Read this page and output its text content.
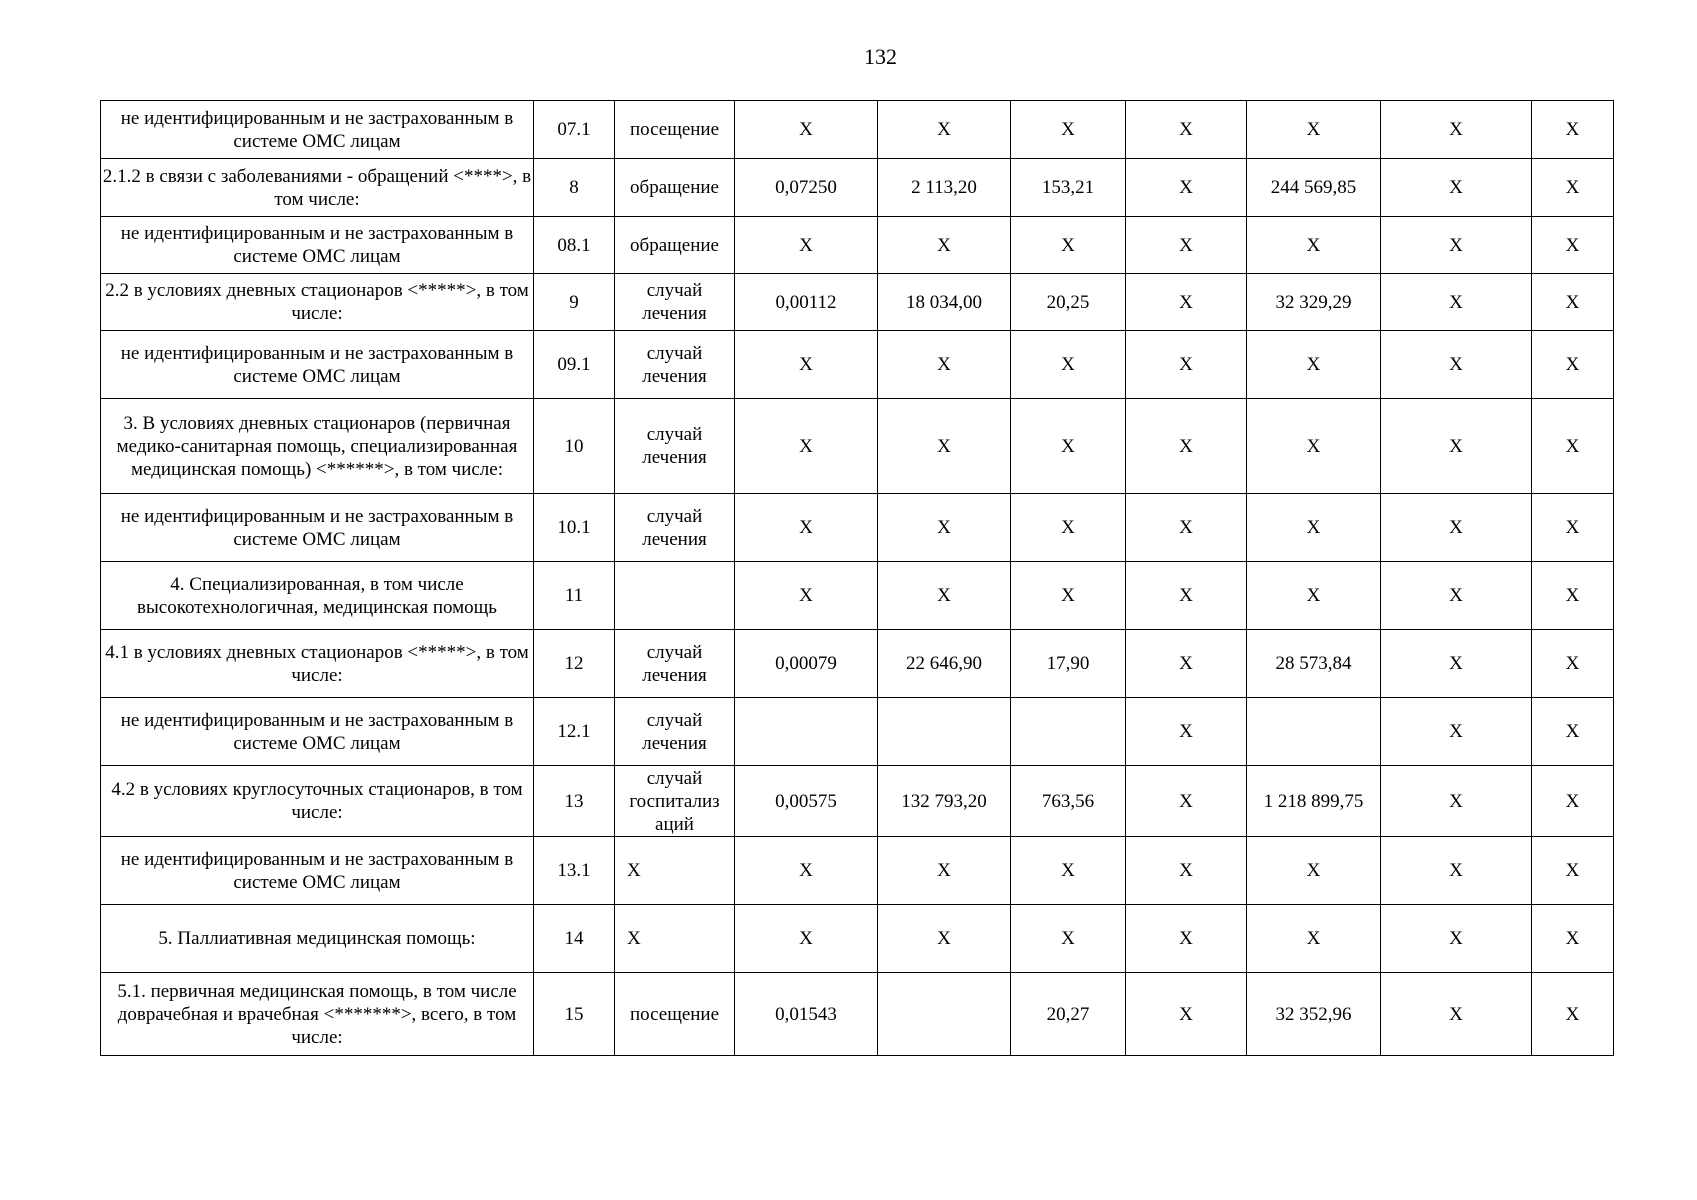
132
не идентифицированным и не застрахованным в системе ОМС лицам	07.1	посещение	Х	Х	Х	Х	Х	Х	Х
2.1.2 в связи с заболеваниями - обращений <****>, в том числе:	8	обращение	0,07250	2 113,20	153,21	Х	244 569,85	Х	Х
не идентифицированным и не застрахованным в системе ОМС лицам	08.1	обращение	Х	Х	Х	Х	Х	Х	Х
2.2 в условиях дневных стационаров <*****>, в том числе:	9	случай лечения	0,00112	18 034,00	20,25	Х	32 329,29	Х	Х
не идентифицированным и не застрахованным в системе ОМС лицам	09.1	случай лечения	Х	Х	Х	Х	Х	Х	Х
3. В условиях дневных стационаров (первичная медико-санитарная помощь, специализированная медицинская помощь) <******>, в том числе:	10	случай лечения	Х	Х	Х	Х	Х	Х	Х
не идентифицированным и не застрахованным в системе ОМС лицам	10.1	случай лечения	Х	Х	Х	Х	Х	Х	Х
4. Специализированная, в том числе высокотехнологичная, медицинская помощь	11		Х	Х	Х	Х	Х	Х	Х
4.1 в условиях дневных стационаров <*****>, в том числе:	12	случай лечения	0,00079	22 646,90	17,90	Х	28 573,84	Х	Х
не идентифицированным и не застрахованным в системе ОМС лицам	12.1	случай лечения				Х		Х	Х
4.2 в условиях круглосуточных стационаров, в том числе:	13	случай госпитализ аций	0,00575	132 793,20	763,56	Х	1 218 899,75	Х	Х
не идентифицированным и не застрахованным в системе ОМС лицам	13.1	Х	Х	Х	Х	Х	Х	Х	Х
5. Паллиативная медицинская помощь:	14	Х	Х	Х	Х	Х	Х	Х	Х
5.1. первичная медицинская помощь, в том числе доврачебная и врачебная <*******>, всего, в том числе:	15	посещение	0,01543		20,27	Х	32 352,96	Х	Х
